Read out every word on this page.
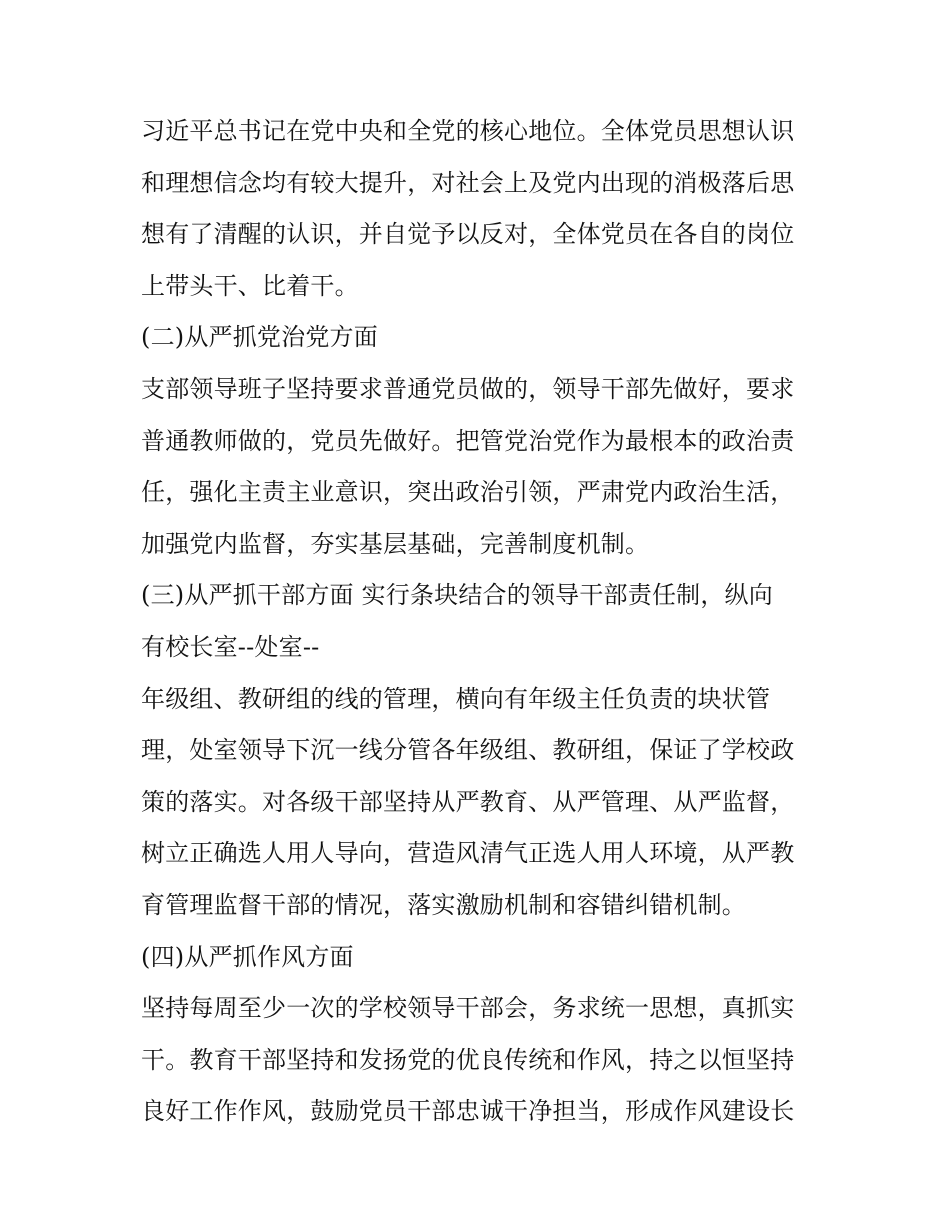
习近平总书记在党中央和全党的核心地位。全体党员思想认识
和理想信念均有较大提升，对社会上及党内出现的消极落后思
想有了清醒的认识，并自觉予以反对，全体党员在各自的岗位
上带头干、比着干。
(二)从严抓党治党方面
支部领导班子坚持要求普通党员做的，领导干部先做好，要求
普通教师做的，党员先做好。把管党治党作为最根本的政治责
任，强化主责主业意识，突出政治引领，严肃党内政治生活，
加强党内监督，夯实基层基础，完善制度机制。
(三)从严抓干部方面 实行条块结合的领导干部责任制，纵向
有校长室--处室--
年级组、教研组的线的管理，横向有年级主任负责的块状管
理，处室领导下沉一线分管各年级组、教研组，保证了学校政
策的落实。对各级干部坚持从严教育、从严管理、从严监督，
树立正确选人用人导向，营造风清气正选人用人环境，从严教
育管理监督干部的情况，落实激励机制和容错纠错机制。
(四)从严抓作风方面
坚持每周至少一次的学校领导干部会，务求统一思想，真抓实
干。教育干部坚持和发扬党的优良传统和作风，持之以恒坚持
良好工作作风，鼓励党员干部忠诚干净担当，形成作风建设长
